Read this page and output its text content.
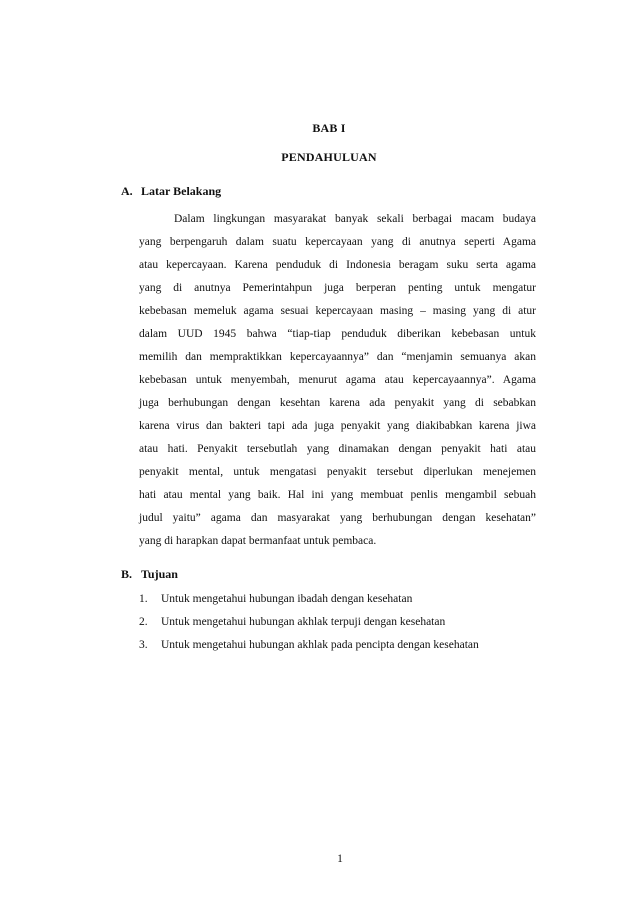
BAB I
PENDAHULUAN
A. Latar Belakang
Dalam lingkungan masyarakat banyak sekali berbagai macam budaya
yang berpengaruh dalam suatu kepercayaan yang di anutnya seperti Agama
atau kepercayaan. Karena penduduk di Indonesia beragam suku serta agama
yang di anutnya Pemerintahpun juga berperan penting untuk mengatur
kebebasan memeluk agama sesuai kepercayaan masing – masing yang di atur
dalam UUD 1945 bahwa “tiap-tiap penduduk diberikan kebebasan untuk
memilih dan mempraktikkan kepercayaannya” dan “menjamin semuanya akan
kebebasan untuk menyembah, menurut agama atau kepercayaannya”. Agama
juga berhubungan dengan kesehtan karena ada penyakit yang di sebabkan
karena virus dan bakteri tapi ada juga penyakit yang diakibabkan karena jiwa
atau hati. Penyakit tersebutlah yang dinamakan dengan penyakit hati atau
penyakit mental, untuk mengatasi penyakit tersebut diperlukan menejemen
hati atau mental yang baik. Hal ini yang membuat penlis mengambil sebuah
judul yaitu” agama dan masyarakat yang berhubungan dengan kesehatan”
yang di harapkan dapat bermanfaat untuk pembaca.
B. Tujuan
1. Untuk mengetahui hubungan ibadah dengan kesehatan
2. Untuk mengetahui hubungan akhlak terpuji dengan kesehatan
3. Untuk mengetahui hubungan akhlak pada pencipta dengan kesehatan
1
